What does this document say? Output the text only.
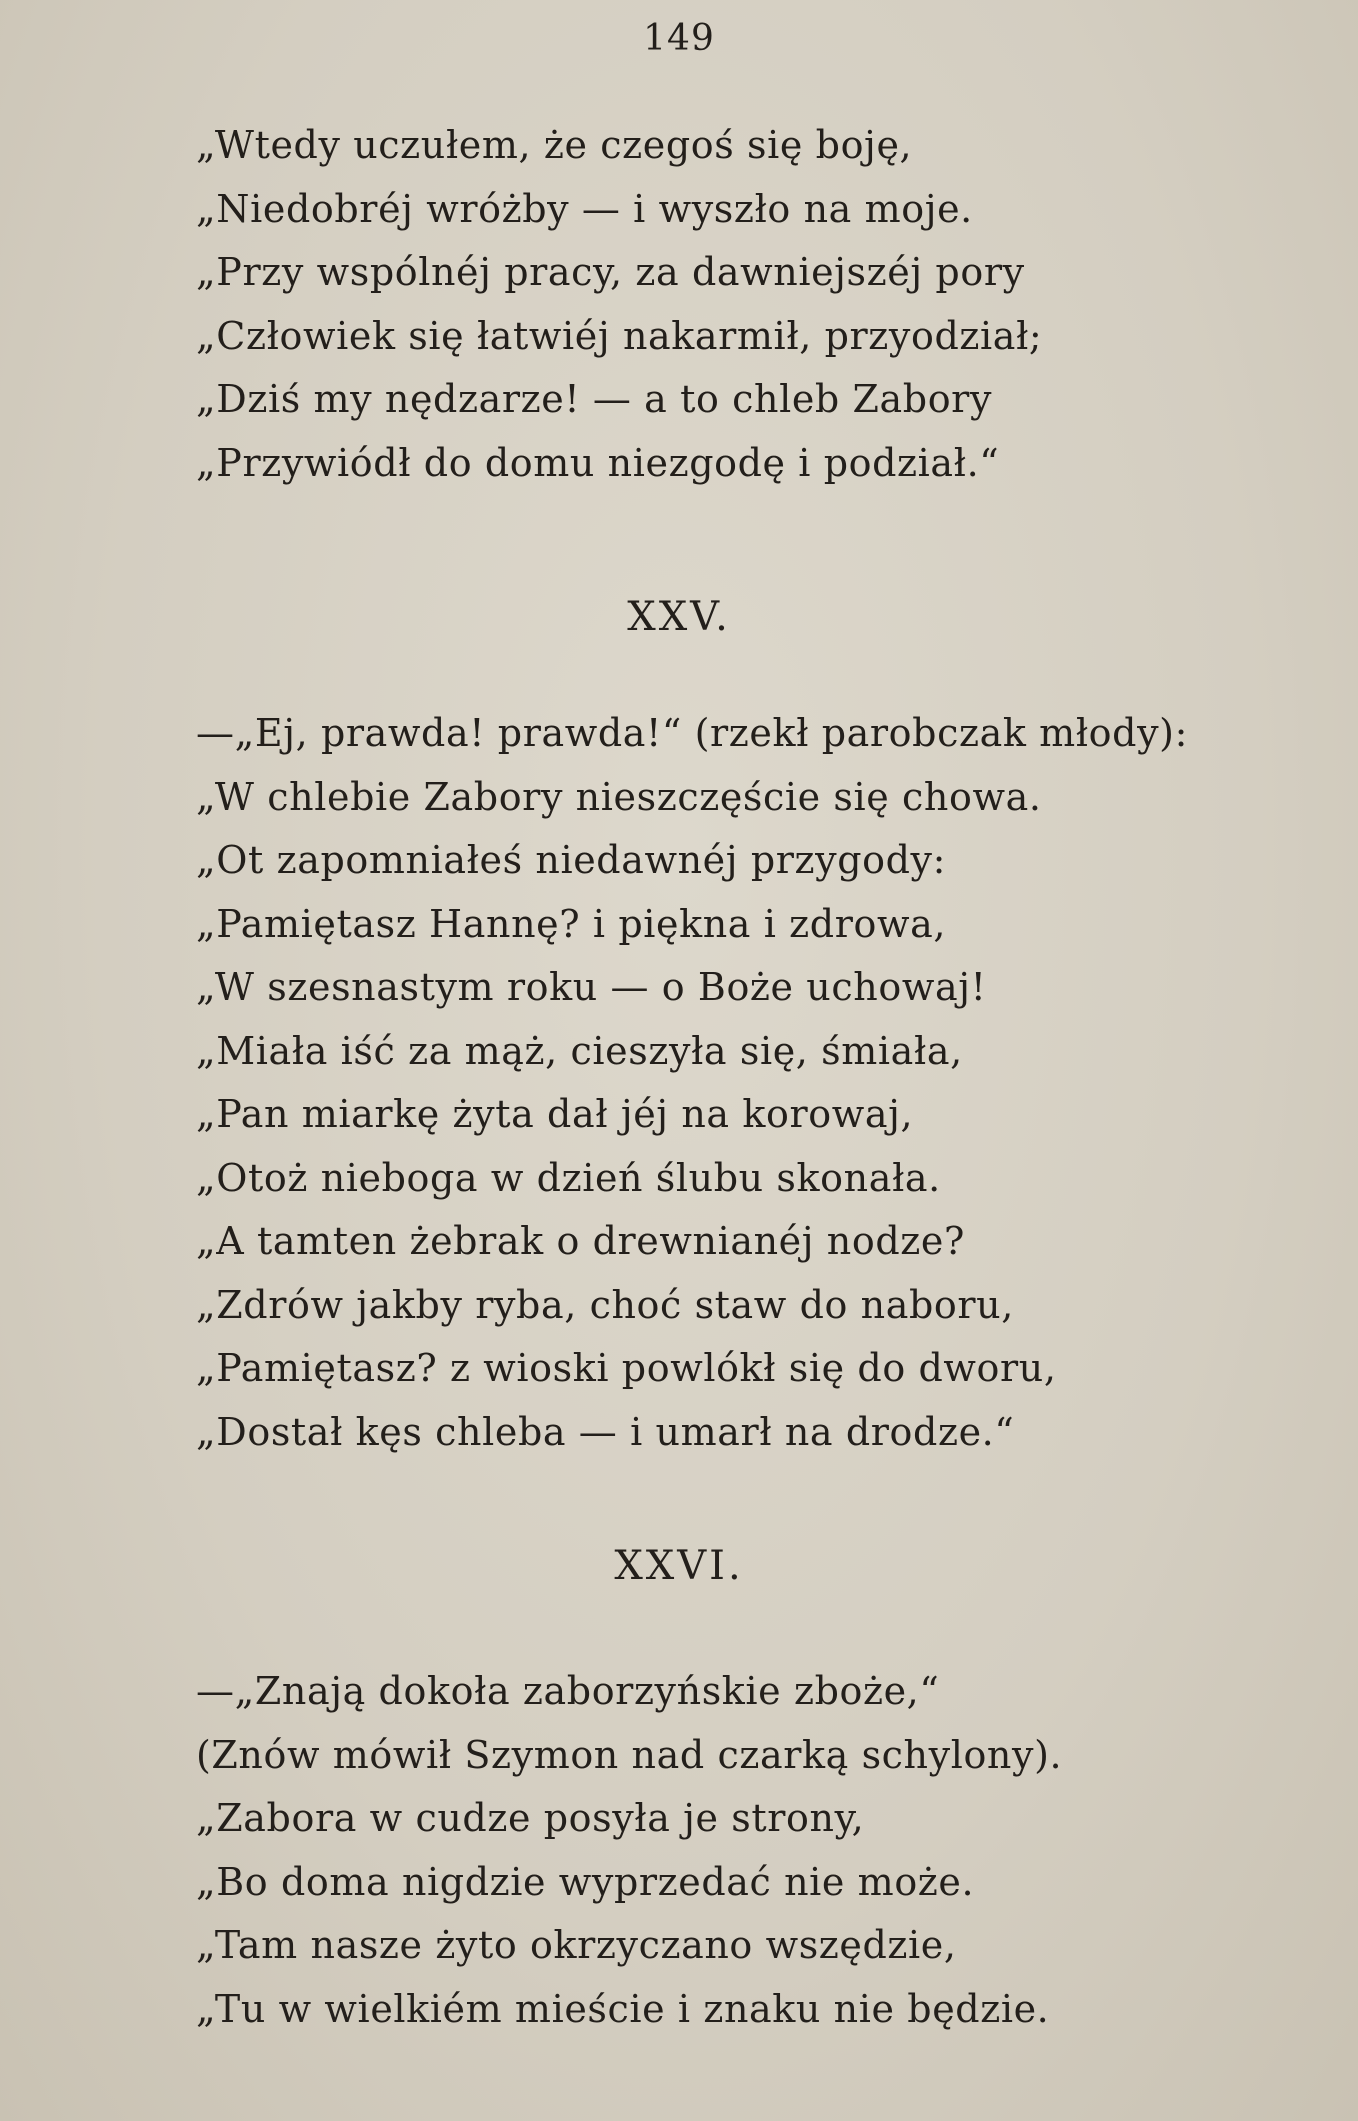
149
„Wtedy uczułem, że czegoś się boję,
„Niedobréj wróżby — i wyszło na moje.
„Przy wspólnéj pracy, za dawniejszéj pory
„Człowiek się łatwiéj nakarmił, przyodział;
„Dziś my nędzarze! — a to chleb Zabory
„Przywiódł do domu niezgodę i podział.“
XXV.
—„Ej, prawda! prawda!“ (rzekł parobczak młody):
„W chlebie Zabory nieszczęście się chowa.
„Ot zapomniałeś niedawnéj przygody:
„Pamiętasz Hannę? i piękna i zdrowa,
„W szesnastym roku — o Boże uchowaj!
„Miała iść za mąż, cieszyła się, śmiała,
„Pan miarkę żyta dał jéj na korowaj,
„Otoż nieboga w dzień ślubu skonała.
„A tamten żebrak o drewnianéj nodze?
„Zdrów jakby ryba, choć staw do naboru,
„Pamiętasz? z wioski powlókł się do dworu,
„Dostał kęs chleba — i umarł na drodze.“
XXVI.
—„Znają dokoła zaborzyńskie zboże,“
(Znów mówił Szymon nad czarką schylony).
„Zabora w cudze posyła je strony,
„Bo doma nigdzie wyprzedać nie może.
„Tam nasze żyto okrzyczano wszędzie,
„Tu w wielkiém mieście i znaku nie będzie.
